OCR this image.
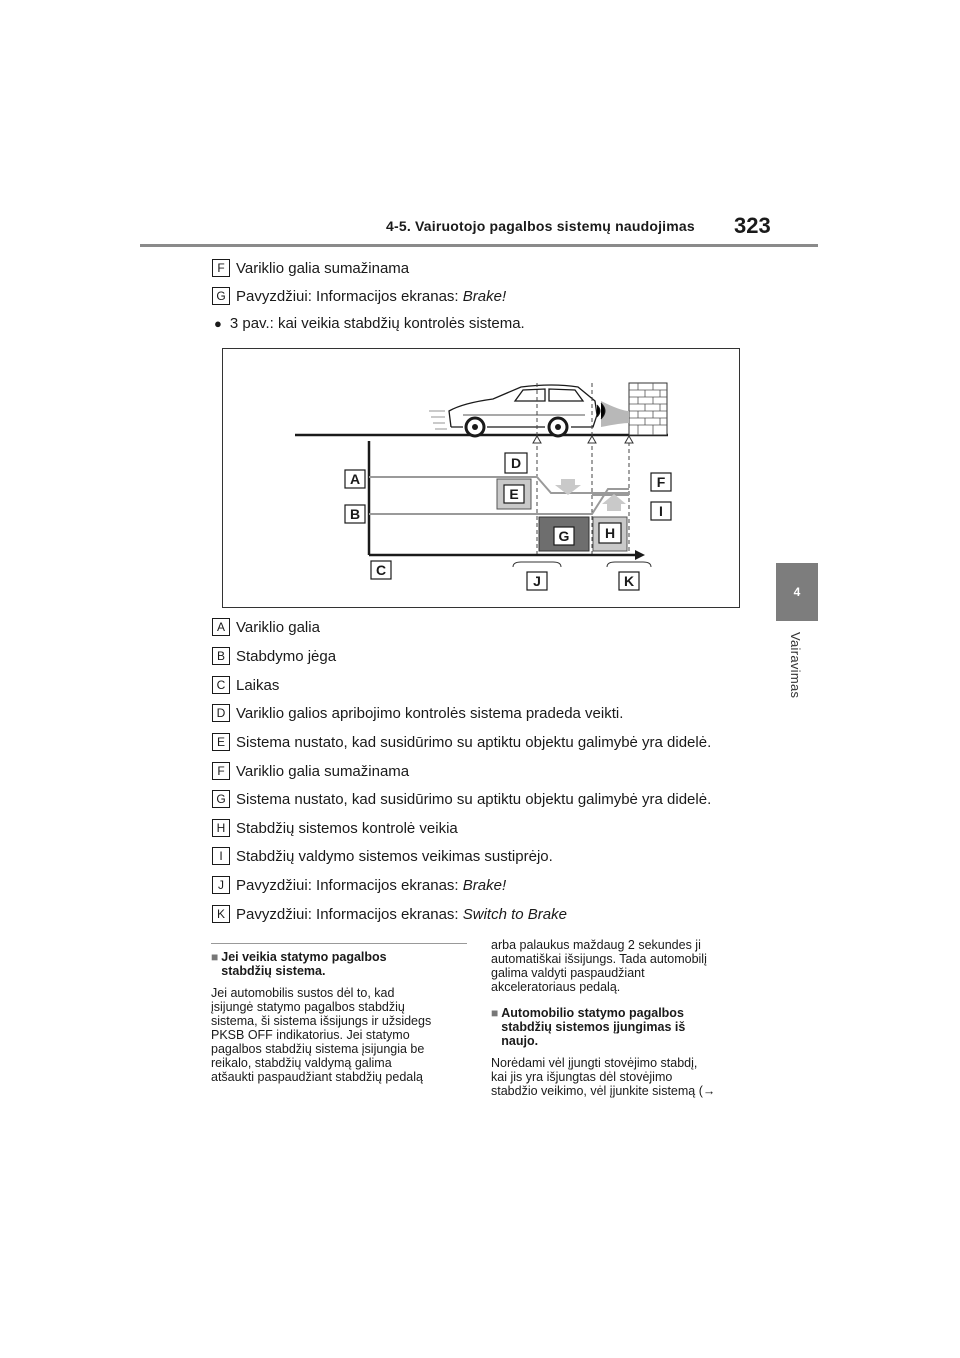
4-5. Vairuotojo pagalbos sistemų naudojimas 323
4
Vairavimas
F Variklio galia sumažinama
G Pavyzdžiui: Informacijos ekranas:
Brake!
● 3 pav.: kai veikia stabdžių kontrolės sistema.
A
B
C
D
E
F
G	H
I
J	K
A Variklio galia
B Stabdymo jėga
C Laikas
D Variklio galios apribojimo kontrolės sistema pradeda veikti.
E Sistema nustato, kad susidūrimo su aptiktu objektu galimybė yra didelė.
F Variklio galia sumažinama
G Sistema nustato, kad susidūrimo su aptiktu objektu galimybė yra didelė.
H Stabdžių sistemos kontrolė veikia
I Stabdžių valdymo sistemos veikimas sustiprėjo.
J Pavyzdžiui: Informacijos ekranas:
Brake!
K Pavyzdžiui: Informacijos ekranas:
Switch to Brake
■ Jei veikia statymo pagalbos

stabdžių sistema.

Jei automobilis sustos dėl to, kad

įsijungė statymo pagalbos stabdžių

sistema, ši sistema išsijungs ir užsidegs

PKSB OFF indikatorius. Jei statymo

pagalbos stabdžių sistema įsijungia be

reikalo, stabdžių valdymą galima

atšaukti paspaudžiant stabdžių pedalą

arba palaukus maždaug 2 sekundes ji

automatiškai išsijungs. Tada automobilį

galima valdyti paspaudžiant

akceleratoriaus pedalą.

■ Automobilio statymo pagalbos

stabdžių sistemos įjungimas iš

naujo.

Norėdami vėl įjungti stovėjimo stabdį,

kai jis yra išjungtas dėl stovėjimo

stabdžio veikimo, vėl įjunkite sistemą (→
